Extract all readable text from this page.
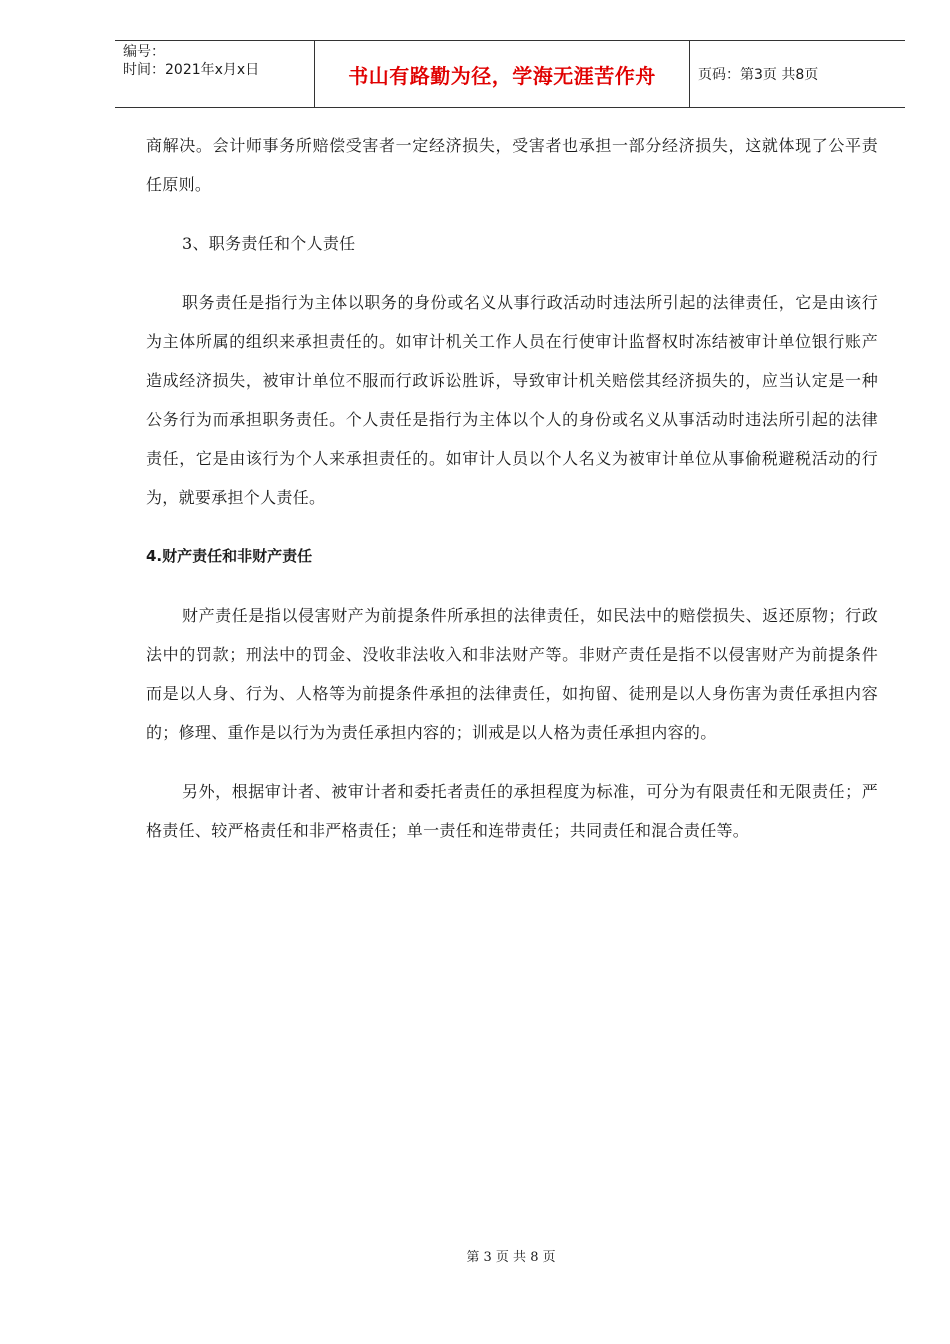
编号：
时间：2021年x月x日	书山有路勤为径，学海无涯苦作舟	页码：第3页 共8页

商解决。会计师事务所赔偿受害者一定经济损失，受害者也承担一部分经济损失，这就体现了公平责任原则。

3、职务责任和个人责任

职务责任是指行为主体以职务的身份或名义从事行政活动时违法所引起的法律责任，它是由该行为主体所属的组织来承担责任的。如审计机关工作人员在行使审计监督权时冻结被审计单位银行账产造成经济损失，被审计单位不服而行政诉讼胜诉，导致审计机关赔偿其经济损失的，应当认定是一种公务行为而承担职务责任。个人责任是指行为主体以个人的身份或名义从事活动时违法所引起的法律责任，它是由该行为个人来承担责任的。如审计人员以个人名义为被审计单位从事偷税避税活动的行为，就要承担个人责任。

4.财产责任和非财产责任

财产责任是指以侵害财产为前提条件所承担的法律责任，如民法中的赔偿损失、返还原物；行政法中的罚款；刑法中的罚金、没收非法收入和非法财产等。非财产责任是指不以侵害财产为前提条件而是以人身、行为、人格等为前提条件承担的法律责任，如拘留、徒刑是以人身伤害为责任承担内容的；修理、重作是以行为为责任承担内容的；训戒是以人格为责任承担内容的。

另外，根据审计者、被审计者和委托者责任的承担程度为标准，可分为有限责任和无限责任；严格责任、较严格责任和非严格责任；单一责任和连带责任；共同责任和混合责任等。

第 3 页 共 8 页
